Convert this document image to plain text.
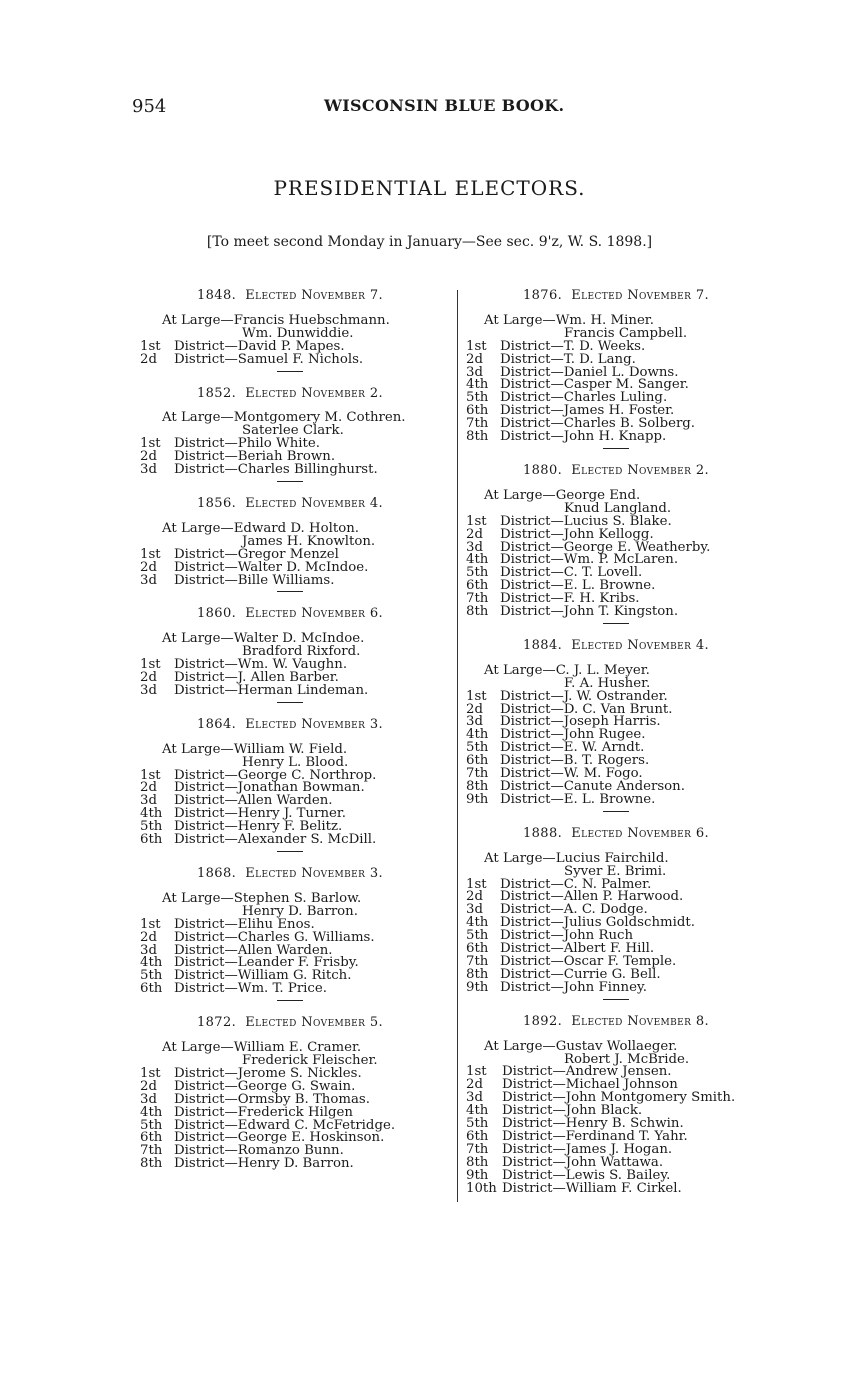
954	WISCONSIN BLUE BOOK.
PRESIDENTIAL ELECTORS.
[To meet second Monday in January—See sec. 9'z, W. S. 1898.]
1848. Elected November 7.
At Large—Francis Huebschmann.
Wm. Dunwiddie.
1st District—David P. Mapes.
2d District—Samuel F. Nichols.
1852. Elected November 2.
At Large—Montgomery M. Cothren.
Saterlee Clark.
1st District—Philo White.
2d District—Beriah Brown.
3d District—Charles Billinghurst.
1856. Elected November 4.
At Large—Edward D. Holton.
James H. Knowlton.
1st District—Gregor Menzel
2d District—Walter D. McIndoe.
3d District—Bille Williams.
1860. Elected November 6.
At Large—Walter D. McIndoe.
Bradford Rixford.
1st District—Wm. W. Vaughn.
2d District—J. Allen Barber.
3d District—Herman Lindeman.
1864. Elected November 3.
At Large—William W. Field.
Henry L. Blood.
1st District—George C. Northrop.
2d District—Jonathan Bowman.
3d District—Allen Warden.
4th District—Henry J. Turner.
5th District—Henry F. Belitz.
6th District—Alexander S. McDill.
1868. Elected November 3.
At Large—Stephen S. Barlow.
Henry D. Barron.
1st District—Elihu Enos.
2d District—Charles G. Williams.
3d District—Allen Warden.
4th District—Leander F. Frisby.
5th District—William G. Ritch.
6th District—Wm. T. Price.
1872. Elected November 5.
At Large—William E. Cramer.
Frederick Fleischer.
1st District—Jerome S. Nickles.
2d District—George G. Swain.
3d District—Ormsby B. Thomas.
4th District—Frederick Hilgen
5th District—Edward C. McFetridge.
6th District—George E. Hoskinson.
7th District—Romanzo Bunn.
8th District—Henry D. Barron.
1876. Elected November 7.
At Large—Wm. H. Miner.
Francis Campbell.
1st District—T. D. Weeks.
2d District—T. D. Lang.
3d District—Daniel L. Downs.
4th District—Casper M. Sanger.
5th District—Charles Luling.
6th District—James H. Foster.
7th District—Charles B. Solberg.
8th District—John H. Knapp.
1880. Elected November 2.
At Large—George End.
Knud Langland.
1st District—Lucius S. Blake.
2d District—John Kellogg.
3d District—George E. Weatherby.
4th District—Wm. P. McLaren.
5th District—C. T. Lovell.
6th District—E. L. Browne.
7th District—F. H. Kribs.
8th District—John T. Kingston.
1884. Elected November 4.
At Large—C. J. L. Meyer.
F. A. Husher.
1st District—J. W. Ostrander.
2d District—D. C. Van Brunt.
3d District—Joseph Harris.
4th District—John Rugee.
5th District—E. W. Arndt.
6th District—B. T. Rogers.
7th District—W. M. Fogo.
8th District—Canute Anderson.
9th District—E. L. Browne.
1888. Elected November 6.
At Large—Lucius Fairchild.
Syver E. Brimi.
1st District—C. N. Palmer.
2d District—Allen P. Harwood.
3d District—A. C. Dodge.
4th District—Julius Goldschmidt.
5th District—John Ruch
6th District—Albert F. Hill.
7th District—Oscar F. Temple.
8th District—Currie G. Bell.
9th District—John Finney.
1892. Elected November 8.
At Large—Gustav Wollaeger.
Robert J. McBride.
1st District—Andrew Jensen.
2d District—Michael Johnson
3d District—John Montgomery Smith.
4th District—John Black.
5th District—Henry B. Schwin.
6th District—Ferdinand T. Yahr.
7th District—James J. Hogan.
8th District—John Wattawa.
9th District—Lewis S. Bailey.
10th District—William F. Cirkel.
